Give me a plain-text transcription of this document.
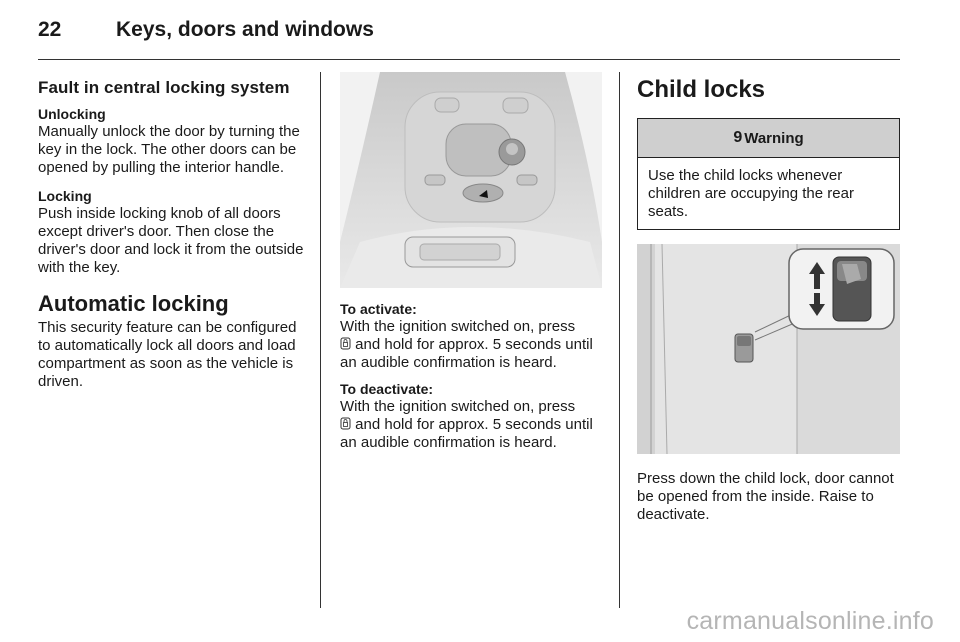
22	Keys, doors and windows
Fault in central locking system
Unlocking

Manually unlock the door by turning the key in the lock. The other doors can be opened by pulling the interior handle.

Locking

Push inside locking knob of all doors except driver's door. Then close the driver's door and lock it from the outside with the key.

Automatic locking

This security feature can be configured to automatically lock all doors and load compartment as soon as the vehicle is driven.

To activate:

With the ignition switched on, press
and hold for approx. 5 seconds until an audible confirmation is heard.

To deactivate:

With the ignition switched on, press
and hold for approx. 5 seconds until an audible confirmation is heard.

Child locks
9 Warning

Use the child locks whenever children are occupying the rear seats.

Press down the child lock, door cannot be opened from the inside. Raise to deactivate.

carmanualsonline.info
